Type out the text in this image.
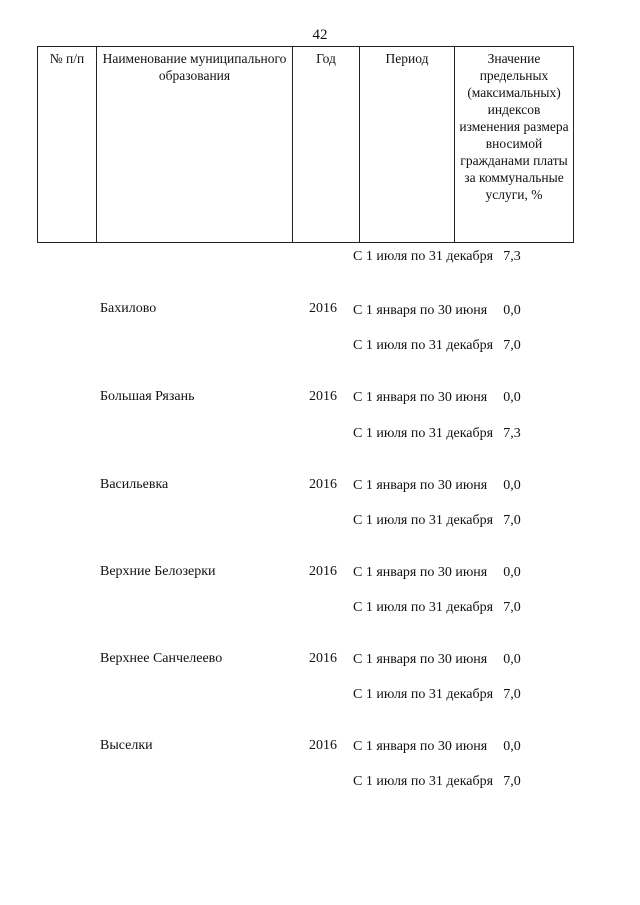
42
№ п/п	Наименование муниципального образования	Год	Период	Значение предельных (максимальных) индексов изменения размера вносимой гражданами платы за коммунальные услуги, %
С 1 июля по 31 декабря 7,3
Бахилово	2016 С 1 января по 30 июня	0,0
С 1 июля по 31 декабря 7,0
Большая Рязань	2016 С 1 января по 30 июня	0,0
С 1 июля по 31 декабря 7,3
Васильевка	2016 С 1 января по 30 июня	0,0
С 1 июля по 31 декабря 7,0
Верхние Белозерки	2016 С 1 января по 30 июня	0,0
С 1 июля по 31 декабря 7,0
Верхнее Санчелеево	2016 С 1 января по 30 июня	0,0
С 1 июля по 31 декабря 7,0
Выселки	2016 С 1 января по 30 июня	0,0
С 1 июля по 31 декабря 7,0
